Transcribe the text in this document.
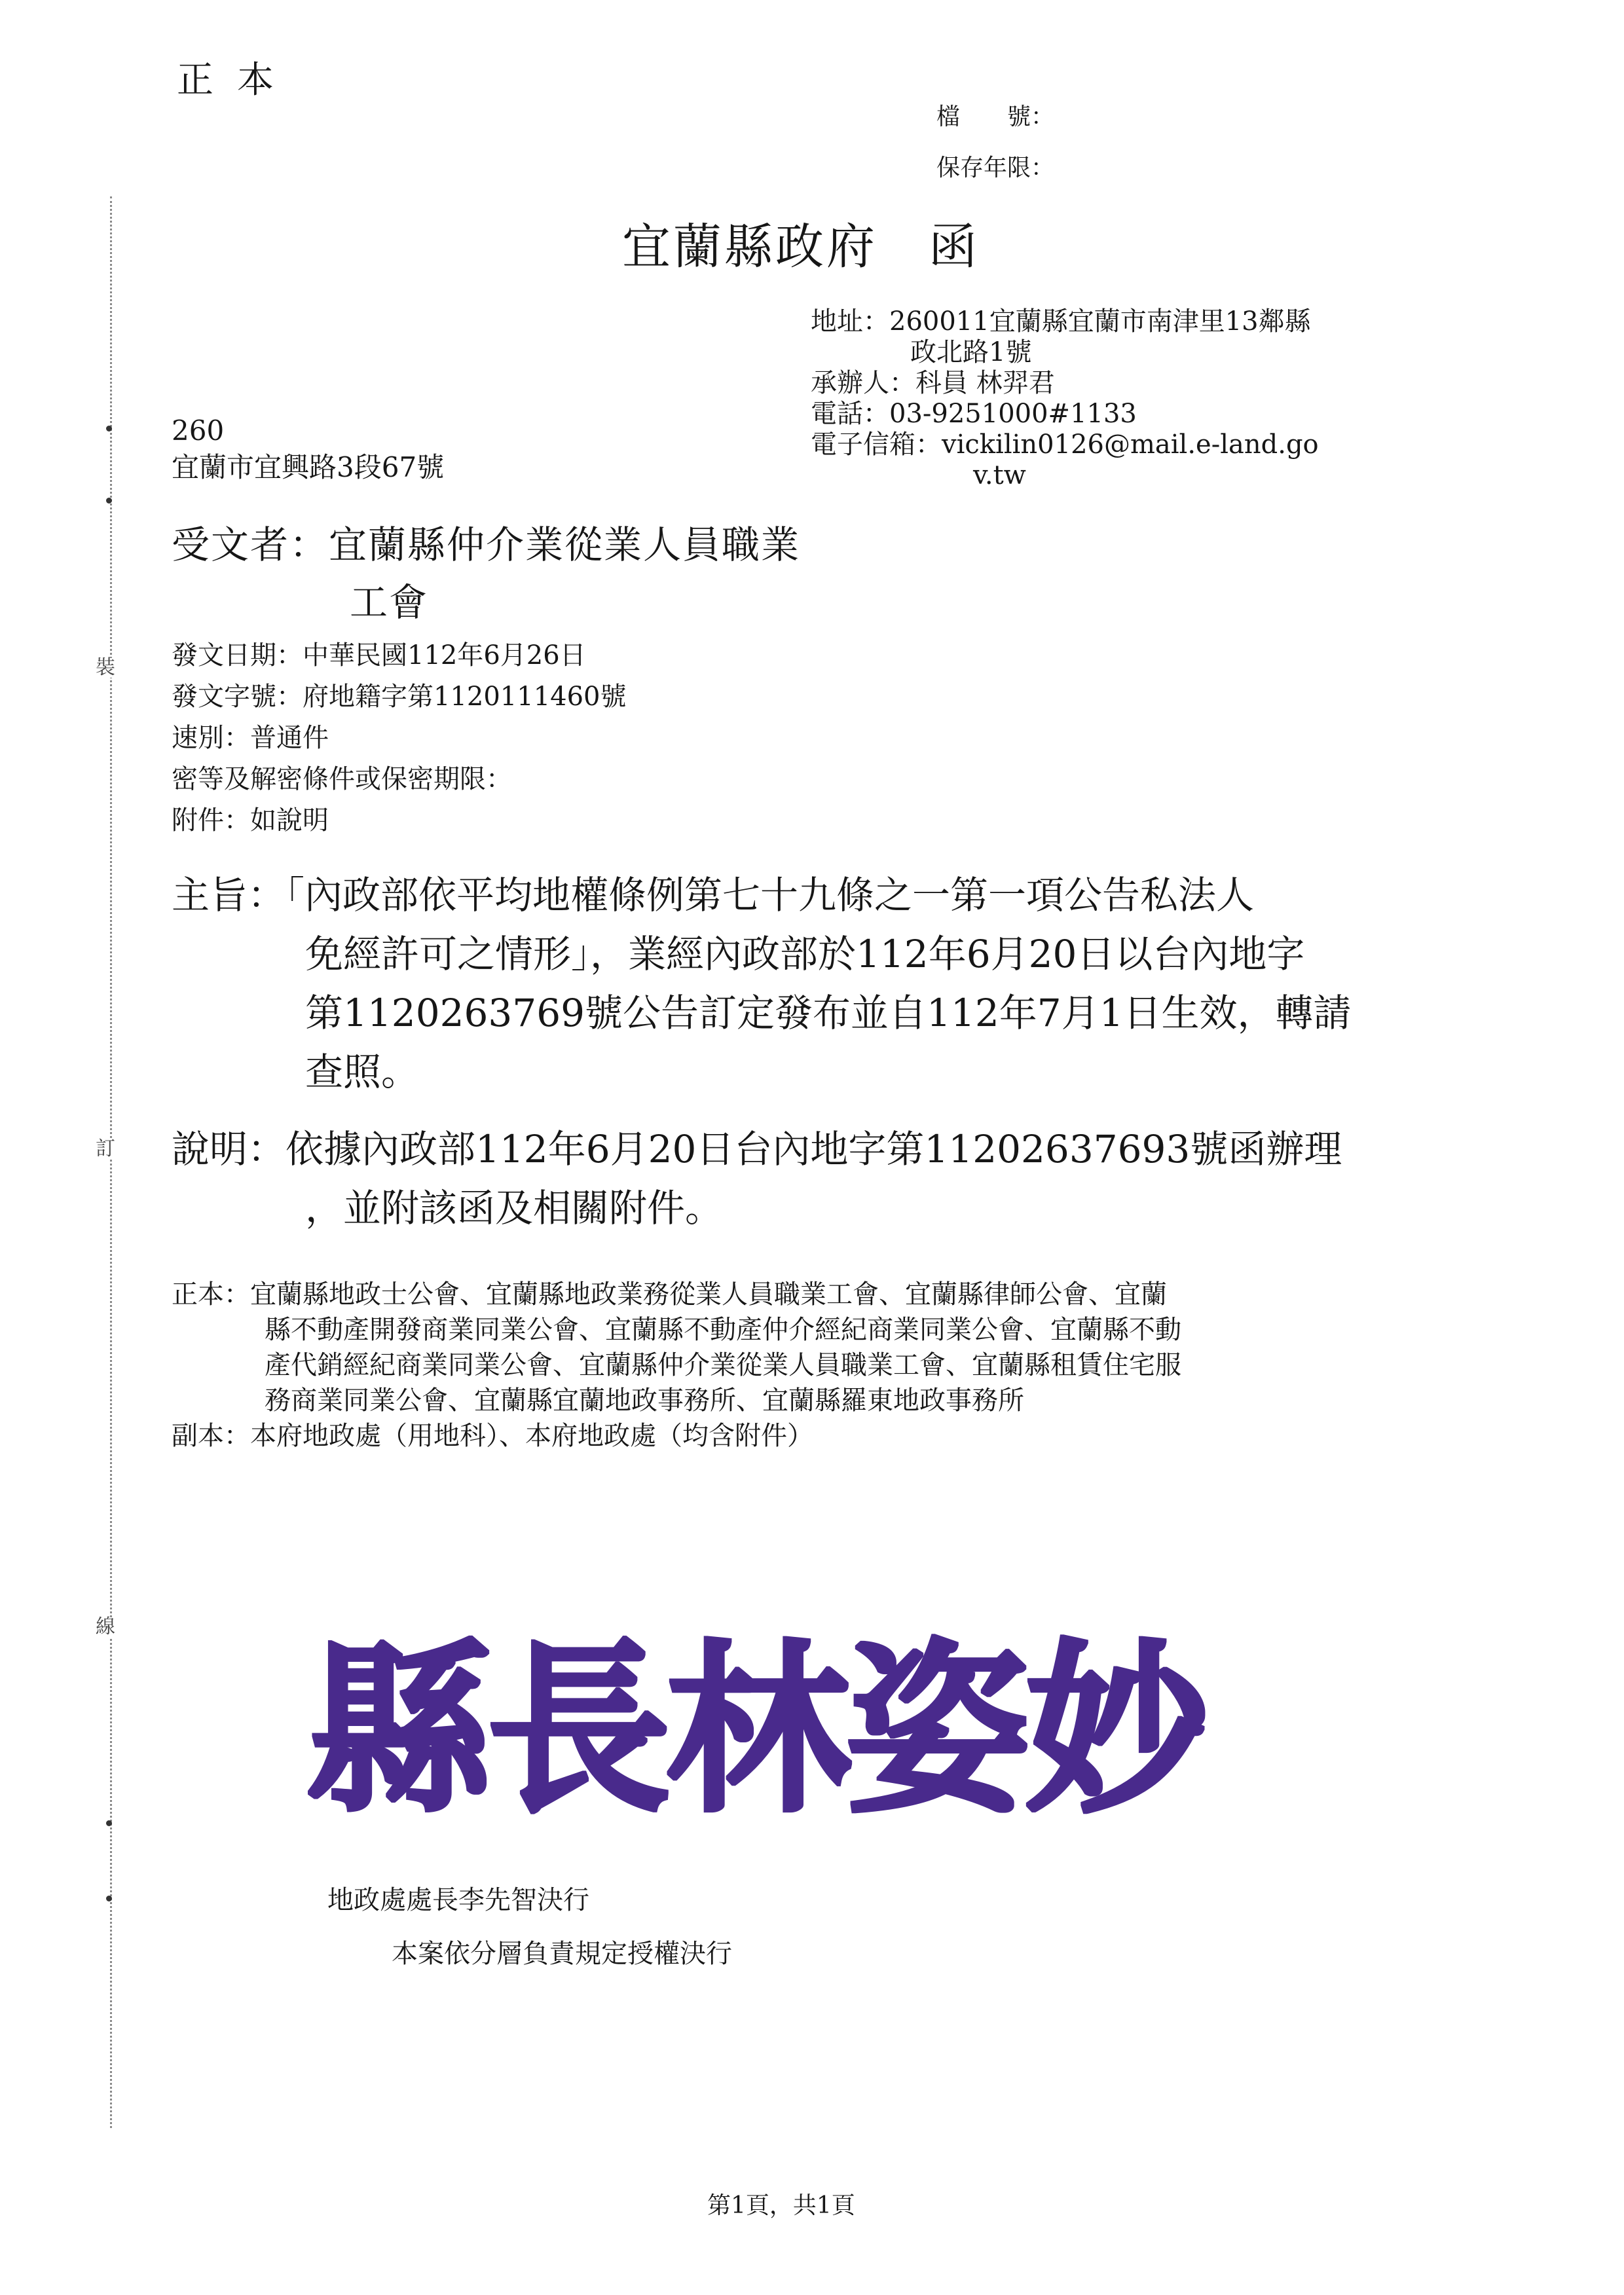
裝
訂
線
正本
檔　　號：
保存年限：
宜蘭縣政府　函
地址：260011宜蘭縣宜蘭市南津里13鄰縣
政北路1號
承辦人：科員 林羿君
電話：03-9251000#1133
電子信箱：vickilin0126@mail.e-land.go
v.tw
260
宜蘭市宜興路3段67號
受文者：宜蘭縣仲介業從業人員職業
工會
發文日期：中華民國112年6月26日
發文字號：府地籍字第1120111460號
速別：普通件
密等及解密條件或保密期限：
附件：如說明
主旨：「內政部依平均地權條例第七十九條之一第一項公告私法人
免經許可之情形」，業經內政部於112年6月20日以台內地字
第1120263769號公告訂定發布並自112年7月1日生效，轉請
查照。
說明：依據內政部112年6月20日台內地字第11202637693號函辦理
，並附該函及相關附件。
正本：宜蘭縣地政士公會、宜蘭縣地政業務從業人員職業工會、宜蘭縣律師公會、宜蘭
縣不動產開發商業同業公會、宜蘭縣不動產仲介經紀商業同業公會、宜蘭縣不動
產代銷經紀商業同業公會、宜蘭縣仲介業從業人員職業工會、宜蘭縣租賃住宅服
務商業同業公會、宜蘭縣宜蘭地政事務所、宜蘭縣羅東地政事務所
副本：本府地政處（用地科）、本府地政處（均含附件）
縣長林姿妙
地政處處長李先智決行
本案依分層負責規定授權決行
第1頁，共1頁
